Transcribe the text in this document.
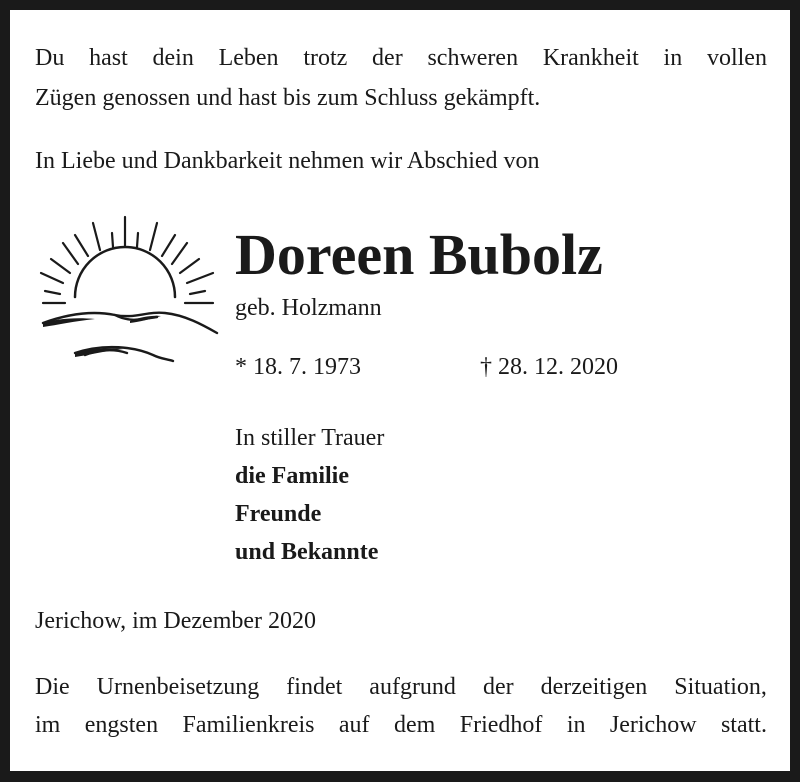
Du hast dein Leben trotz der schweren Krankheit in vollen
Zügen genossen und hast bis zum Schluss gekämpft.
In Liebe und Dankbarkeit nehmen wir Abschied von
Doreen Bubolz
geb. Holzmann
* 18. 7. 1973	† 28. 12. 2020
In stiller Trauer
die Familie
Freunde
und Bekannte
Jerichow, im Dezember 2020
Die Urnenbeisetzung findet aufgrund der derzeitigen Situation,
im engsten Familienkreis auf dem Friedhof in Jerichow statt.
